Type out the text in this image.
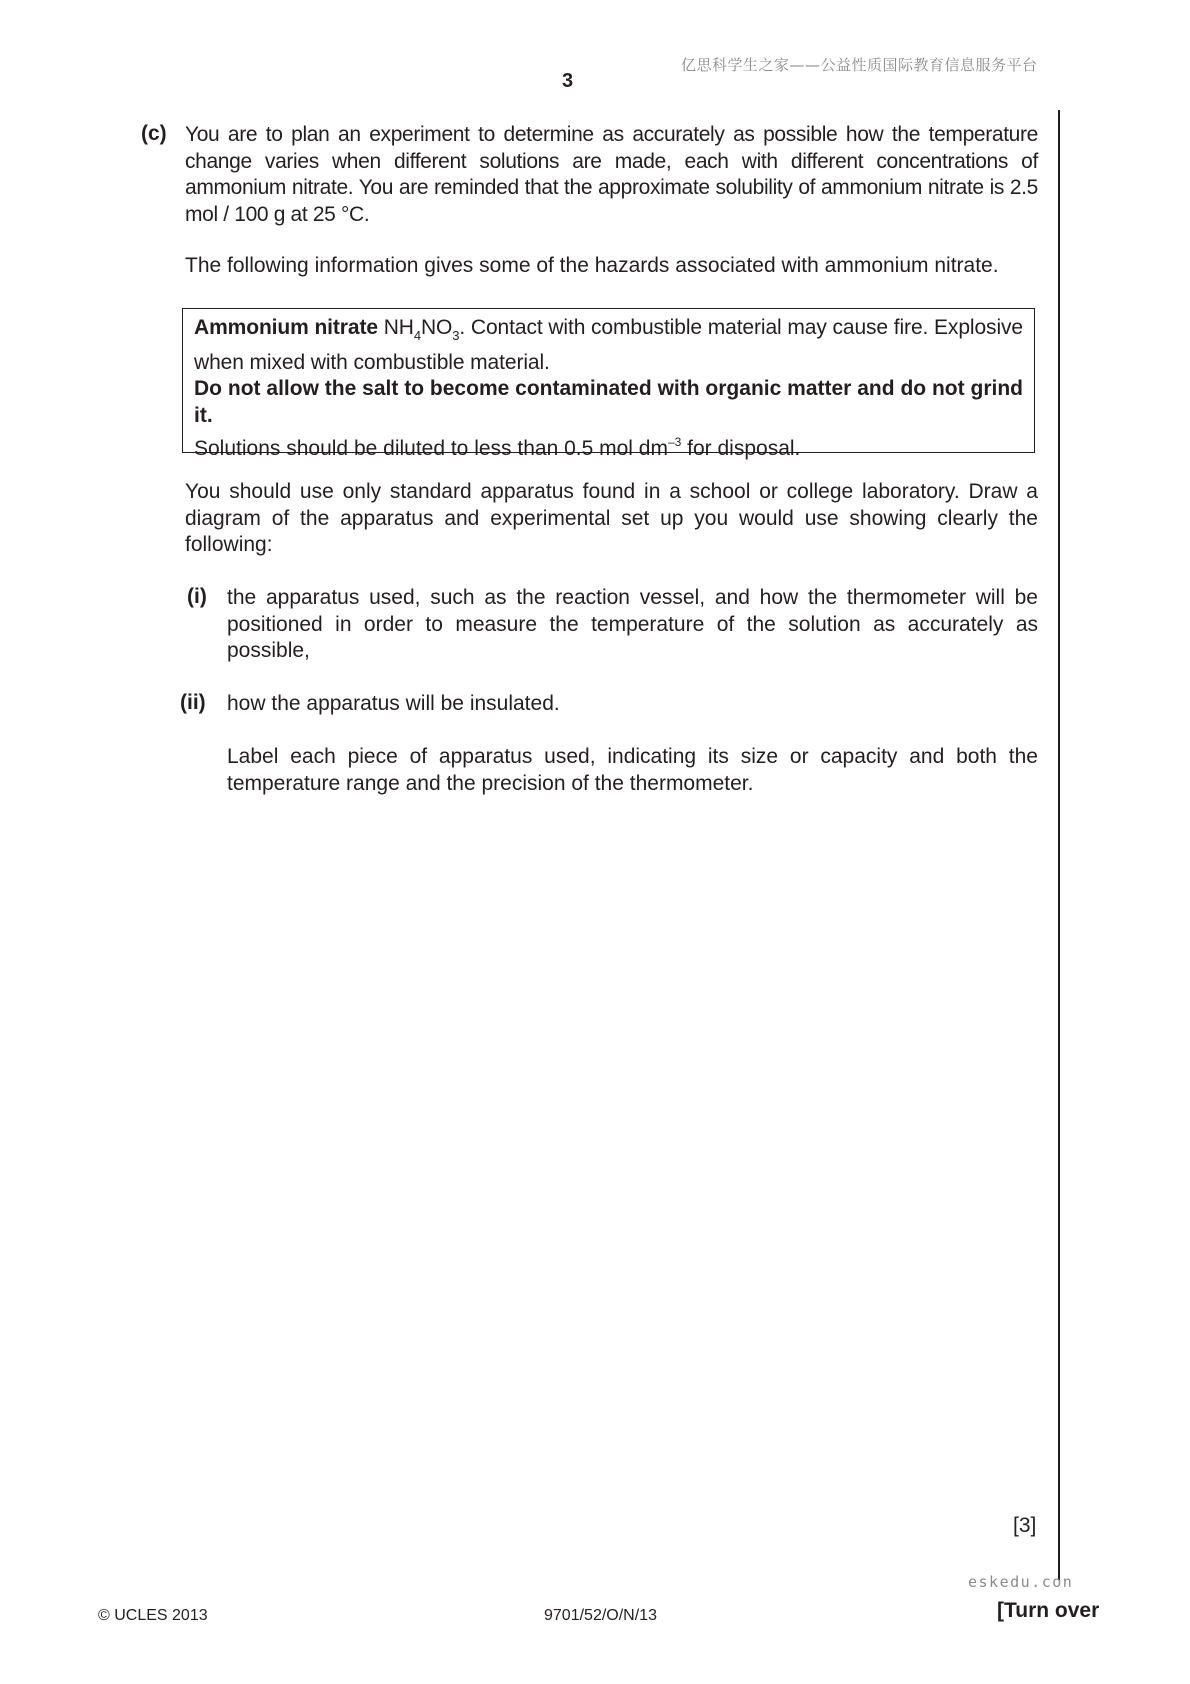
亿思科学生之家——公益性质国际教育信息服务平台
3
(c) You are to plan an experiment to determine as accurately as possible how the temperature change varies when different solutions are made, each with different concentrations of ammonium nitrate. You are reminded that the approximate solubility of ammonium nitrate is 2.5 mol / 100 g at 25 °C.
The following information gives some of the hazards associated with ammonium nitrate.
Ammonium nitrate $NH_4NO_3$. Contact with combustible material may cause fire. Explosive when mixed with combustible material.
Do not allow the salt to become contaminated with organic matter and do not grind it.
Solutions should be diluted to less than 0.5 mol $dm^{-3}$ for disposal.
You should use only standard apparatus found in a school or college laboratory. Draw a diagram of the apparatus and experimental set up you would use showing clearly the following:
(i) the apparatus used, such as the reaction vessel, and how the thermometer will be positioned in order to measure the temperature of the solution as accurately as possible,
(ii) how the apparatus will be insulated.
Label each piece of apparatus used, indicating its size or capacity and both the temperature range and the precision of the thermometer.
[3]
eskedu.con
© UCLES 2013	9701/52/O/N/13	[Turn over
